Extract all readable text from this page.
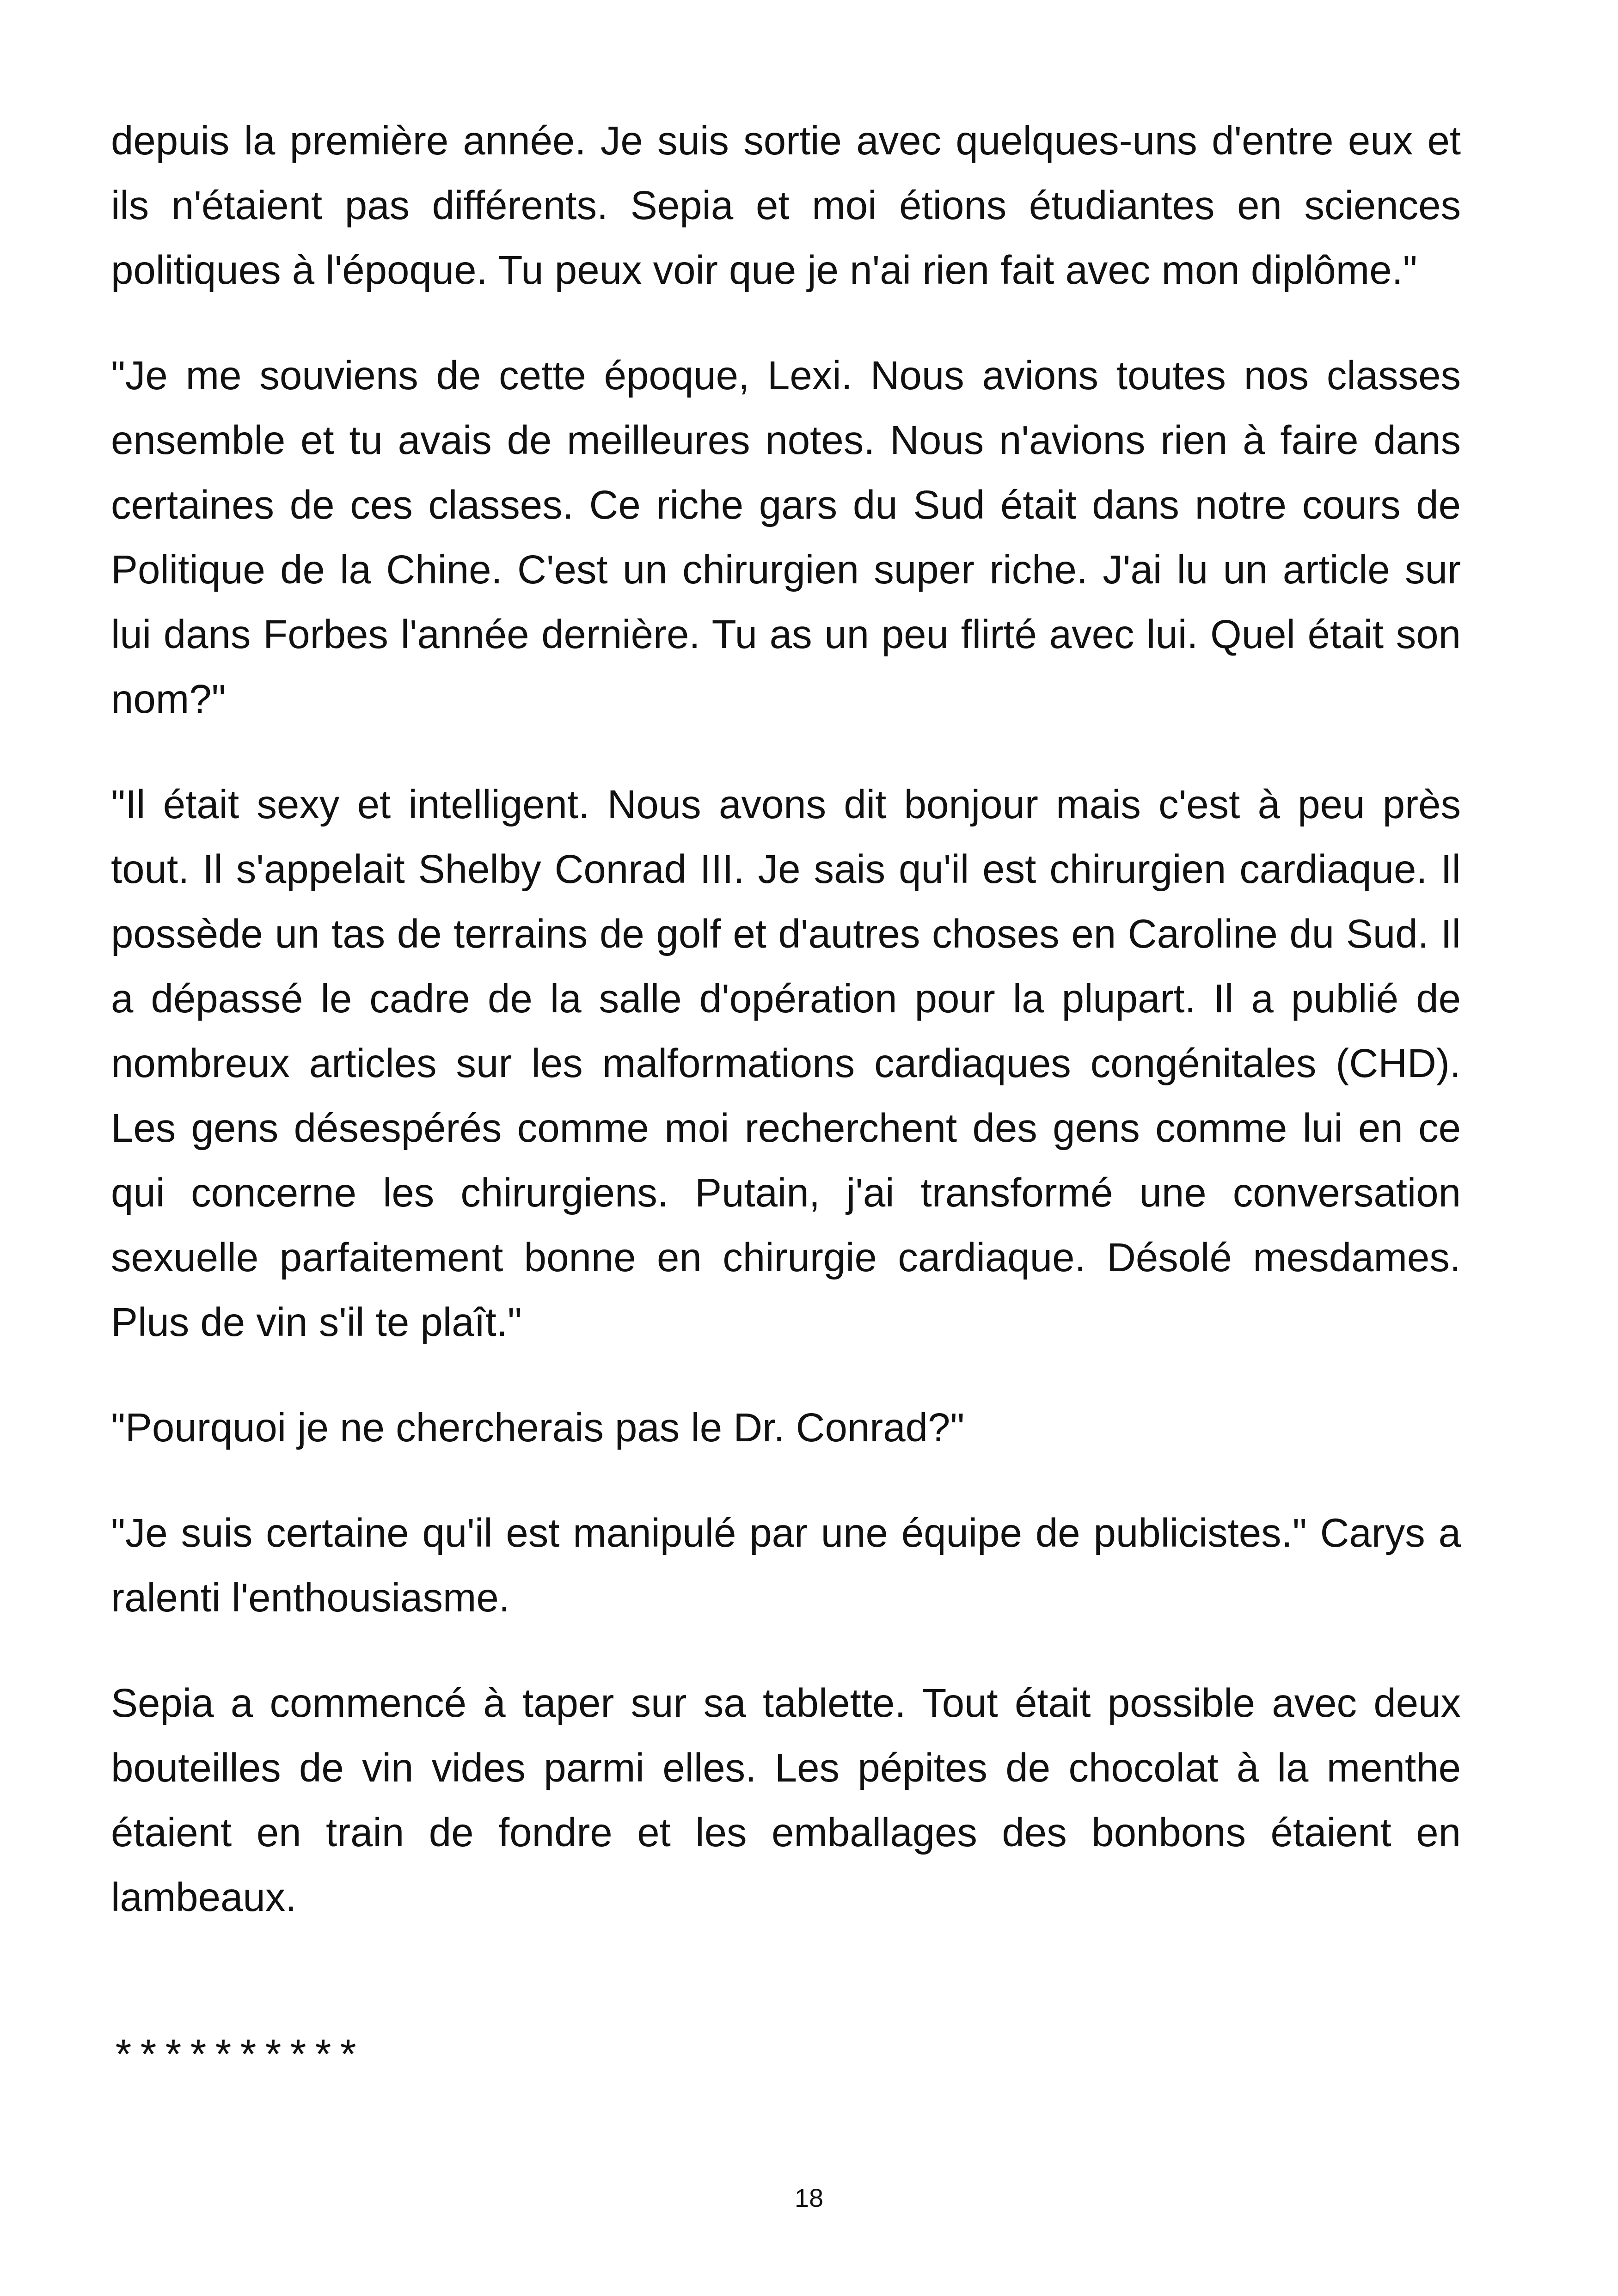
depuis la première année. Je suis sortie avec quelques-uns d'entre eux et ils n'étaient pas différents. Sepia et moi étions étudiantes en sciences politiques à l'époque. Tu peux voir que je n'ai rien fait avec mon diplôme."

"Je me souviens de cette époque, Lexi. Nous avions toutes nos classes ensemble et tu avais de meilleures notes. Nous n'avions rien à faire dans certaines de ces classes. Ce riche gars du Sud était dans notre cours de Politique de la Chine. C'est un chirurgien super riche. J'ai lu un article sur lui dans Forbes l'année dernière. Tu as un peu flirté avec lui. Quel était son nom?"

"Il était sexy et intelligent. Nous avons dit bonjour mais c'est à peu près tout. Il s'appelait Shelby Conrad III. Je sais qu'il est chirurgien cardiaque. Il possède un tas de terrains de golf et d'autres choses en Caroline du Sud. Il a dépassé le cadre de la salle d'opération pour la plupart. Il a publié de nombreux articles sur les malformations cardiaques congénitales (CHD). Les gens désespérés comme moi recherchent des gens comme lui en ce qui concerne les chirurgiens. Putain, j'ai transformé une conversation sexuelle parfaitement bonne en chirurgie cardiaque. Désolé mesdames. Plus de vin s'il te plaît."

"Pourquoi je ne chercherais pas le Dr. Conrad?"

"Je suis certaine qu'il est manipulé par une équipe de publicistes." Carys a ralenti l'enthousiasme.

Sepia a commencé à taper sur sa tablette. Tout était possible avec deux bouteilles de vin vides parmi elles. Les pépites de chocolat à la menthe étaient en train de fondre et les emballages des bonbons étaient en lambeaux.

**********
18
